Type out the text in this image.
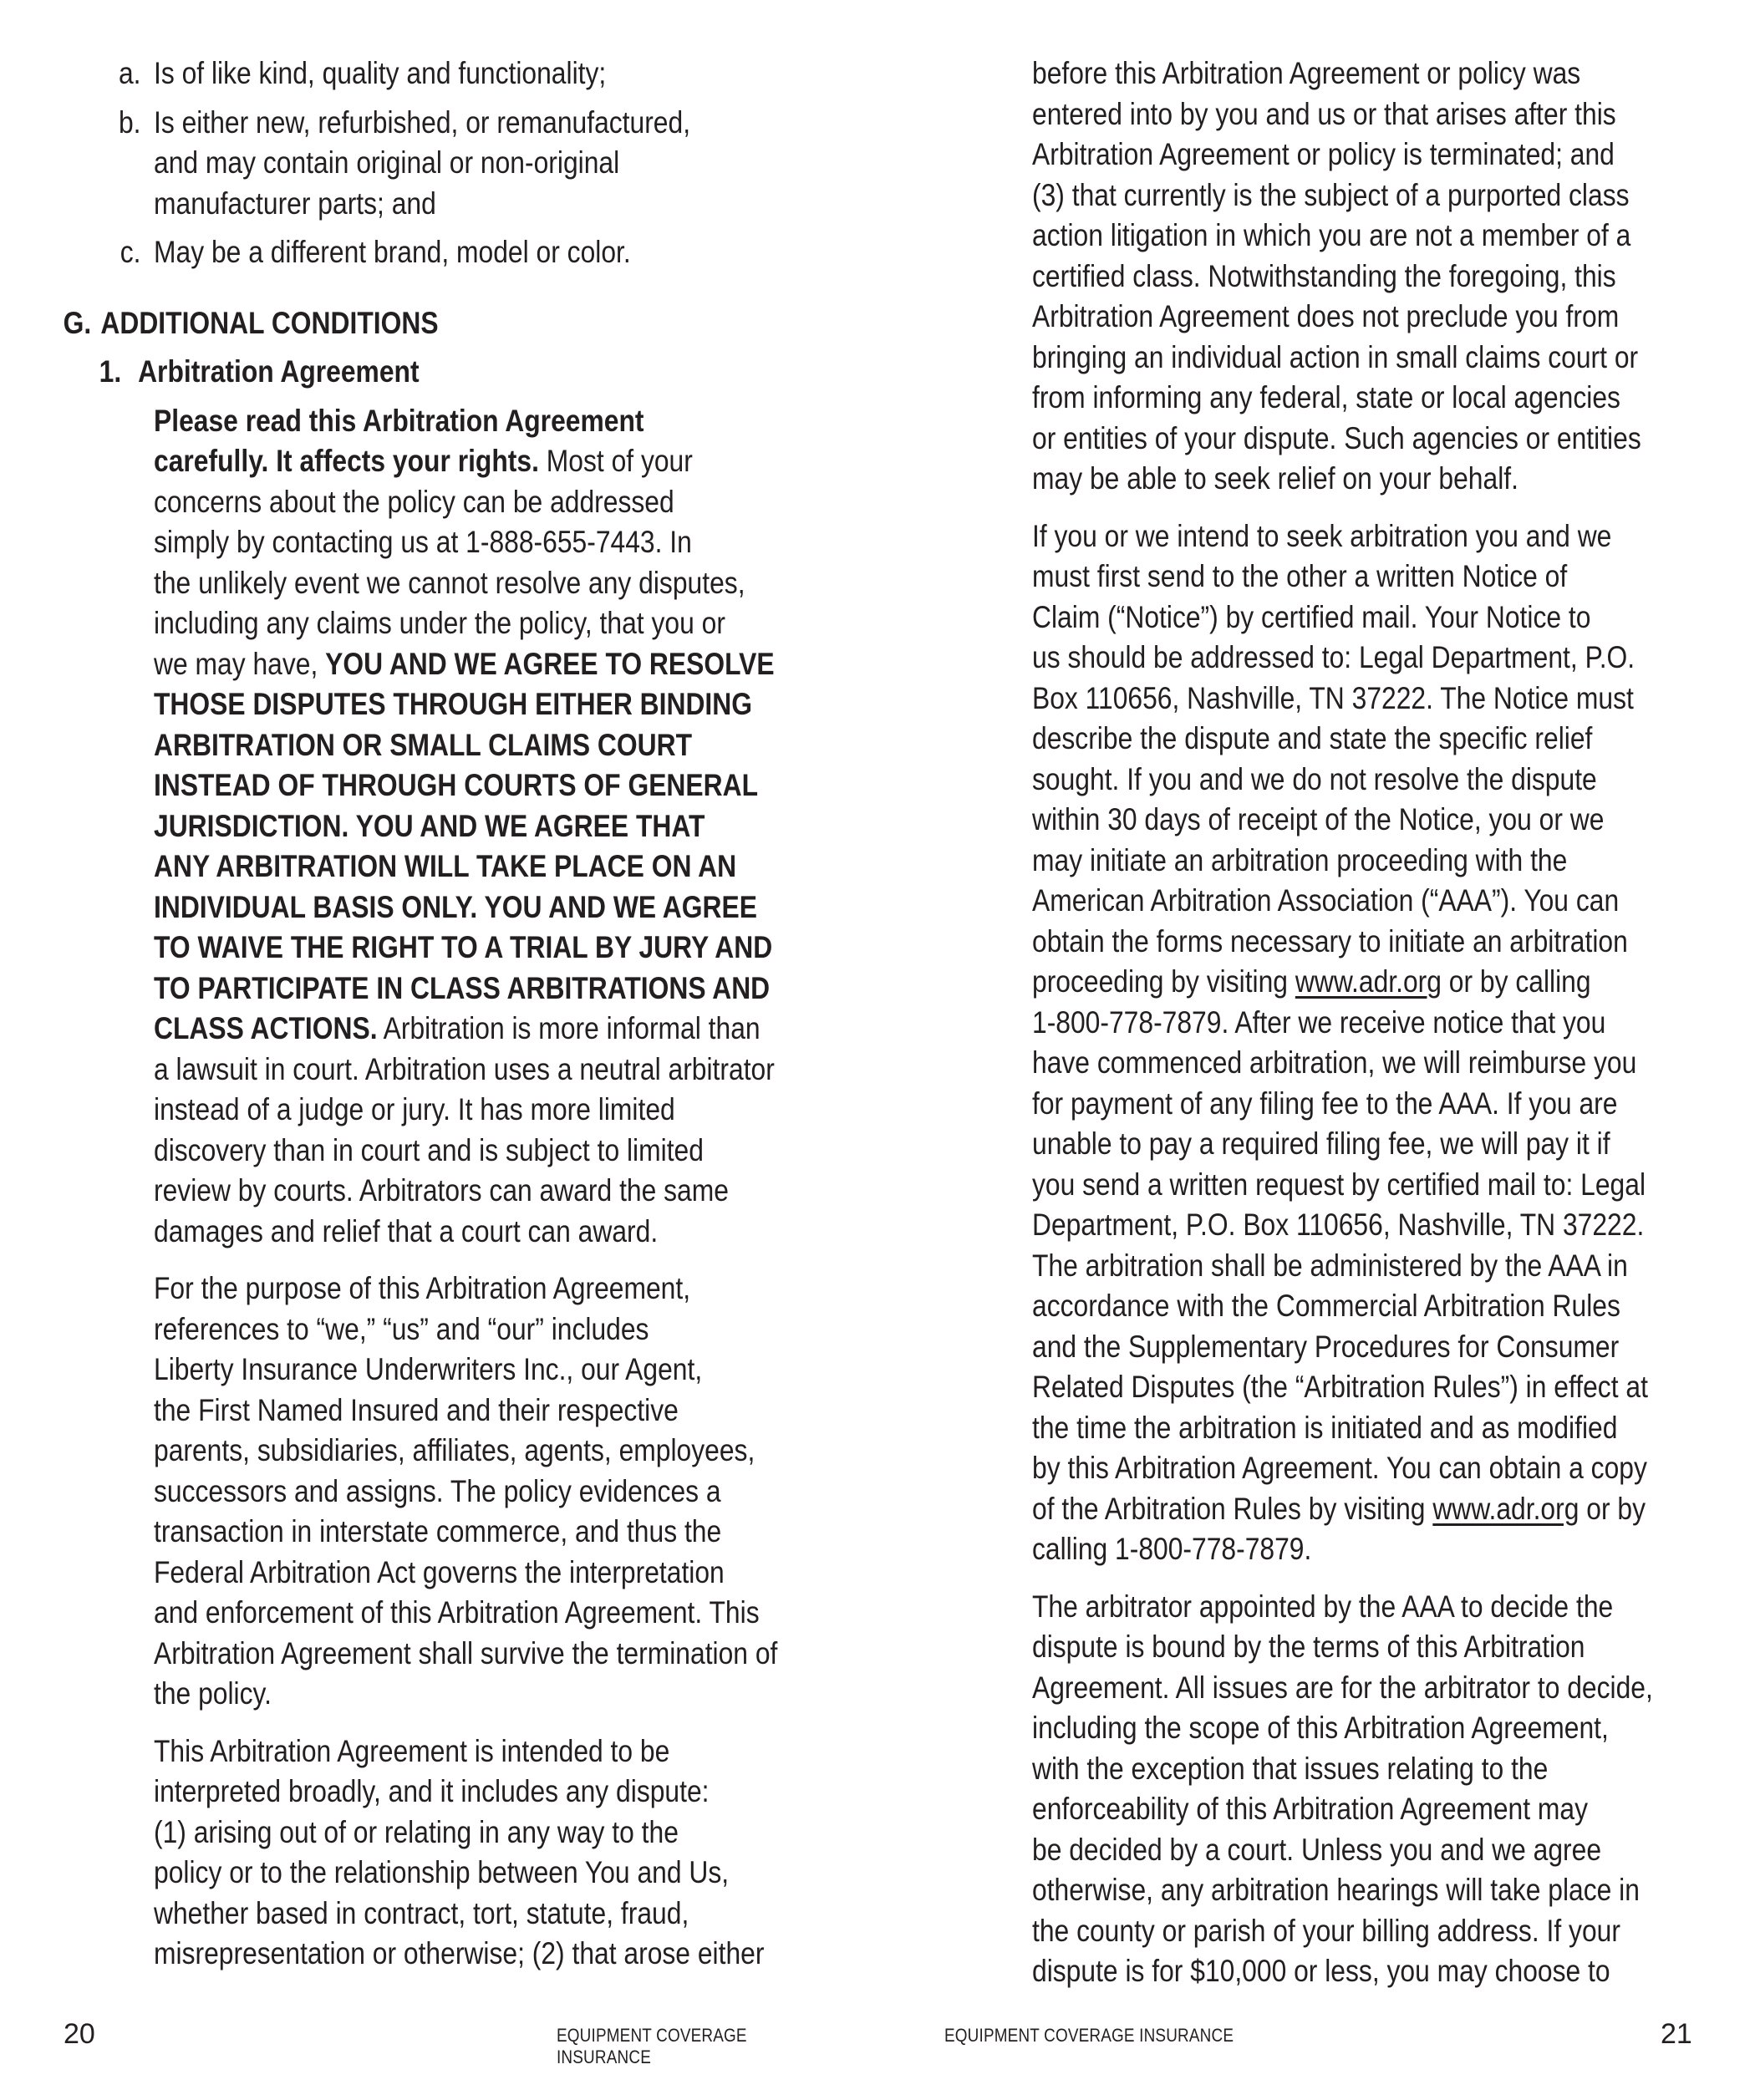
a. Is of like kind, quality and functionality;
b. Is either new, refurbished, or remanufactured,
and may contain original or non-original
manufacturer parts; and
c. May be a different brand, model or color.
G. ADDITIONAL CONDITIONS
1. Arbitration Agreement
Please read this Arbitration Agreement
carefully. It affects your rights. Most of your
concerns about the policy can be addressed
simply by contacting us at 1-888-655-7443. In
the unlikely event we cannot resolve any disputes,
including any claims under the policy, that you or
we may have, YOU AND WE AGREE TO RESOLVE
THOSE DISPUTES THROUGH EITHER BINDING
ARBITRATION OR SMALL CLAIMS COURT
INSTEAD OF THROUGH COURTS OF GENERAL
JURISDICTION. YOU AND WE AGREE THAT
ANY ARBITRATION WILL TAKE PLACE ON AN
INDIVIDUAL BASIS ONLY. YOU AND WE AGREE
TO WAIVE THE RIGHT TO A TRIAL BY JURY AND
TO PARTICIPATE IN CLASS ARBITRATIONS AND
CLASS ACTIONS. Arbitration is more informal than
a lawsuit in court. Arbitration uses a neutral arbitrator
instead of a judge or jury. It has more limited
discovery than in court and is subject to limited
review by courts. Arbitrators can award the same
damages and relief that a court can award.
For the purpose of this Arbitration Agreement,
references to “we,” “us” and “our” includes
Liberty Insurance Underwriters Inc., our Agent,
the First Named Insured and their respective
parents, subsidiaries, affiliates, agents, employees,
successors and assigns. The policy evidences a
transaction in interstate commerce, and thus the
Federal Arbitration Act governs the interpretation
and enforcement of this Arbitration Agreement. This
Arbitration Agreement shall survive the termination of
the policy.
This Arbitration Agreement is intended to be
interpreted broadly, and it includes any dispute:
(1) arising out of or relating in any way to the
policy or to the relationship between You and Us,
whether based in contract, tort, statute, fraud,
misrepresentation or otherwise; (2) that arose either
20	EQUIPMENT COVERAGE INSURANCE
before this Arbitration Agreement or policy was
entered into by you and us or that arises after this
Arbitration Agreement or policy is terminated; and
(3) that currently is the subject of a purported class
action litigation in which you are not a member of a
certified class. Notwithstanding the foregoing, this
Arbitration Agreement does not preclude you from
bringing an individual action in small claims court or
from informing any federal, state or local agencies
or entities of your dispute. Such agencies or entities
may be able to seek relief on your behalf.
If you or we intend to seek arbitration you and we
must first send to the other a written Notice of
Claim (“Notice”) by certified mail. Your Notice to
us should be addressed to: Legal Department, P.O.
Box 110656, Nashville, TN 37222. The Notice must
describe the dispute and state the specific relief
sought. If you and we do not resolve the dispute
within 30 days of receipt of the Notice, you or we
may initiate an arbitration proceeding with the
American Arbitration Association (“AAA”). You can
obtain the forms necessary to initiate an arbitration
proceeding by visiting www.adr.org or by calling
1-800-778-7879. After we receive notice that you
have commenced arbitration, we will reimburse you
for payment of any filing fee to the AAA. If you are
unable to pay a required filing fee, we will pay it if
you send a written request by certified mail to: Legal
Department, P.O. Box 110656, Nashville, TN 37222.
The arbitration shall be administered by the AAA in
accordance with the Commercial Arbitration Rules
and the Supplementary Procedures for Consumer
Related Disputes (the “Arbitration Rules”) in effect at
the time the arbitration is initiated and as modified
by this Arbitration Agreement. You can obtain a copy
of the Arbitration Rules by visiting www.adr.org or by
calling 1-800-778-7879.
The arbitrator appointed by the AAA to decide the
dispute is bound by the terms of this Arbitration
Agreement. All issues are for the arbitrator to decide,
including the scope of this Arbitration Agreement,
with the exception that issues relating to the
enforceability of this Arbitration Agreement may
be decided by a court. Unless you and we agree
otherwise, any arbitration hearings will take place in
the county or parish of your billing address. If your
dispute is for $10,000 or less, you may choose to
EQUIPMENT COVERAGE INSURANCE	21
